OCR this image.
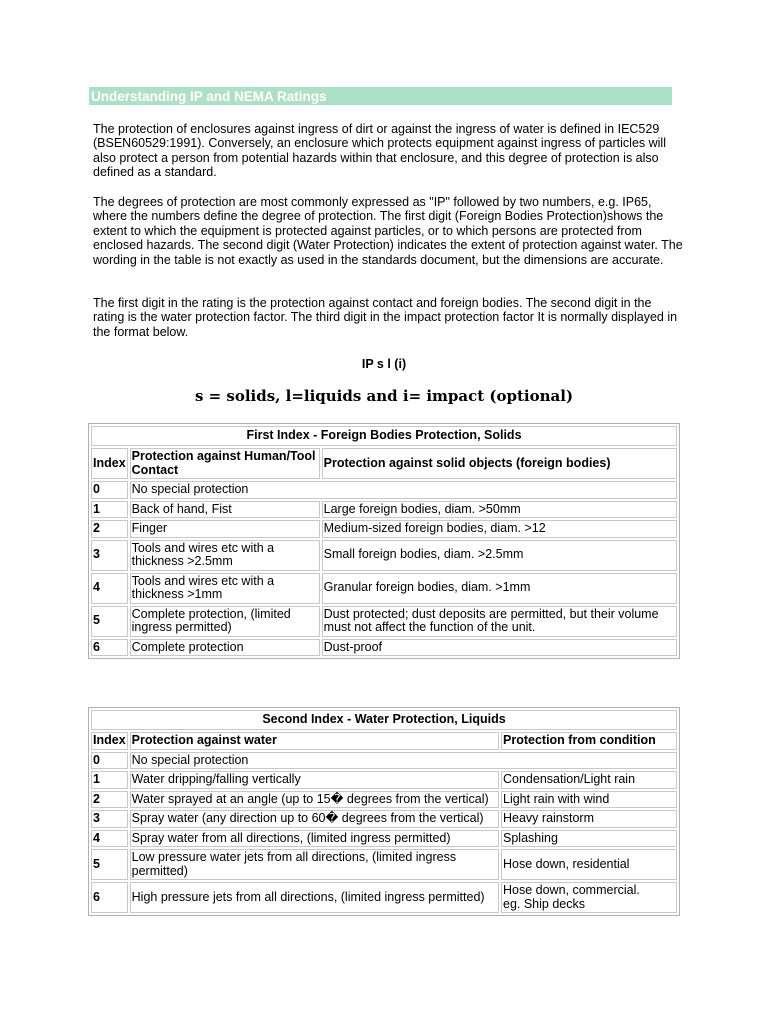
Understanding IP and NEMA Ratings

The protection of enclosures against ingress of dirt or against the ingress of water is defined in IEC529 (BSEN60529:1991). Conversely, an enclosure which protects equipment against ingress of particles will also protect a person from potential hazards within that enclosure, and this degree of protection is also defined as a standard.

The degrees of protection are most commonly expressed as "IP" followed by two numbers, e.g. IP65, where the numbers define the degree of protection. The first digit (Foreign Bodies Protection)shows the extent to which the equipment is protected against particles, or to which persons are protected from enclosed hazards. The second digit (Water Protection) indicates the extent of protection against water. The wording in the table is not exactly as used in the standards document, but the dimensions are accurate.

The first digit in the rating is the protection against contact and foreign bodies. The second digit in the rating is the water protection factor. The third digit in the impact protection factor It is normally displayed in the format below.

IP s l (i)
s = solids, l=liquids and i= impact (optional)
First Index - Foreign Bodies Protection, Solids		
Index	Protection against Human/Tool Contact	Protection against solid objects (foreign bodies)
0	No special protection	
1	Back of hand, Fist	Large foreign bodies, diam. >50mm
2	Finger	Medium-sized foreign bodies, diam. >12
3	Tools and wires etc with a thickness >2.5mm	Small foreign bodies, diam. >2.5mm
4	Tools and wires etc with a thickness >1mm	Granular foreign bodies, diam. >1mm
5	Complete protection, (limited ingress permitted)	Dust protected; dust deposits are permitted, but their volume must not affect the function of the unit.
6	Complete protection	Dust-proof
Second Index - Water Protection, Liquids		
Index	Protection against water	Protection from condition
0	No special protection	
1	Water dripping/falling vertically	Condensation/Light rain
2	Water sprayed at an angle (up to 15� degrees from the vertical)	Light rain with wind
3	Spray water (any direction up to 60� degrees from the vertical)	Heavy rainstorm
4	Spray water from all directions, (limited ingress permitted)	Splashing
5	Low pressure water jets from all directions, (limited ingress permitted)	Hose down, residential
6	High pressure jets from all directions, (limited ingress permitted)	Hose down, commercial.
eg. Ship decks
